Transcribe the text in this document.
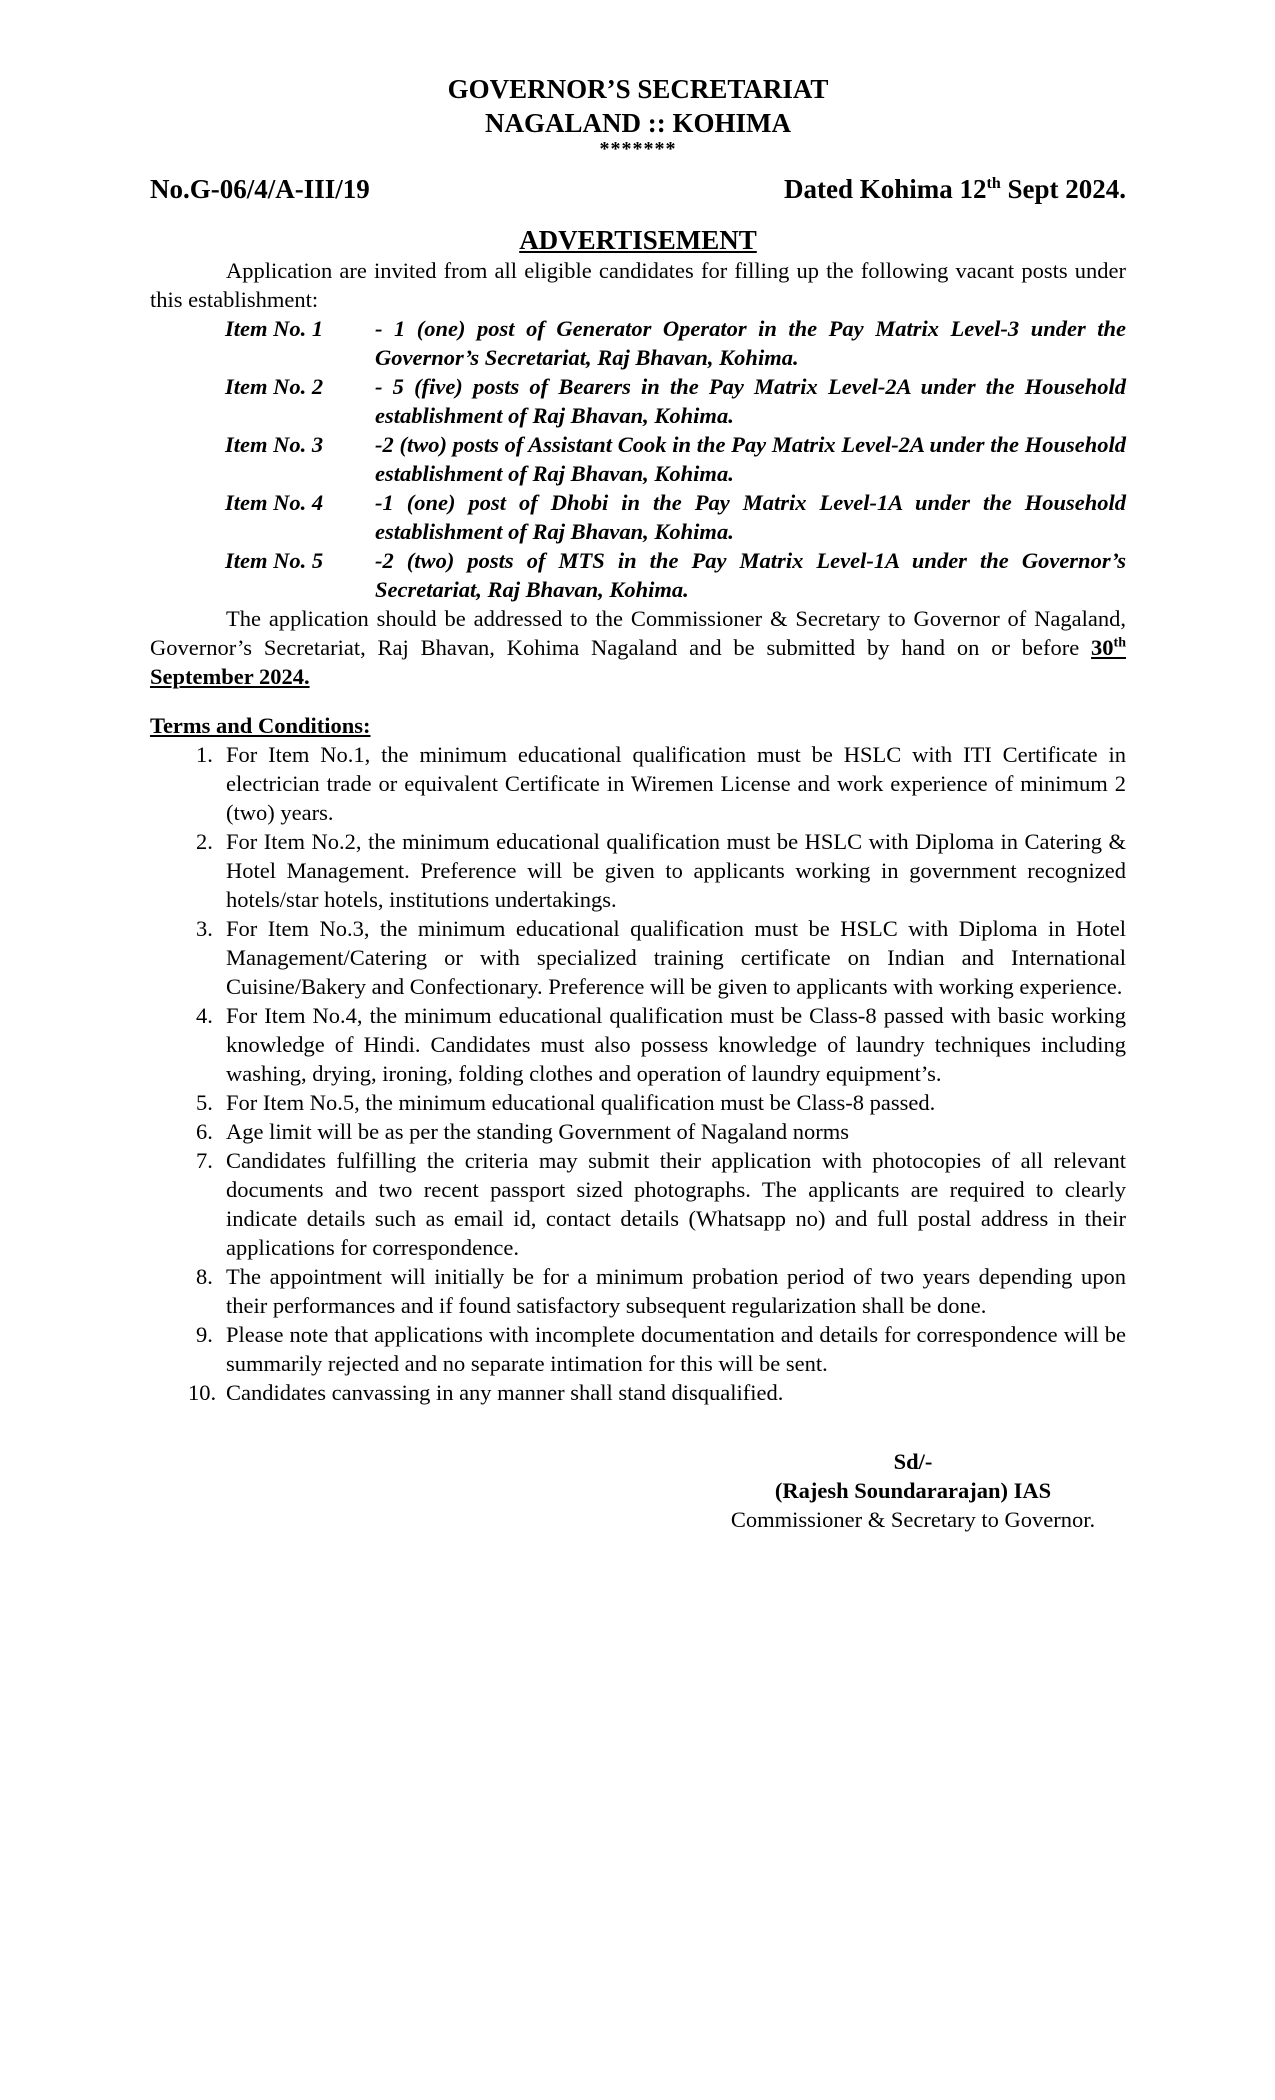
GOVERNOR’S SECRETARIAT
NAGALAND :: KOHIMA
*******
No.G-06/4/A-III/19	Dated Kohima 12th Sept 2024.
ADVERTISEMENT

Application are invited from all eligible candidates for filling up the following vacant posts under this establishment:

Item No. 1	- 1 (one) post of Generator Operator in the Pay Matrix Level-3 under the Governor’s Secretariat, Raj Bhavan, Kohima.
Item No. 2	- 5 (five) posts of Bearers in the Pay Matrix Level-2A under the Household establishment of Raj Bhavan, Kohima.
Item No. 3	-2 (two) posts of Assistant Cook in the Pay Matrix Level-2A under the Household establishment of Raj Bhavan, Kohima.
Item No. 4	-1 (one) post of Dhobi in the Pay Matrix Level-1A under the Household establishment of Raj Bhavan, Kohima.
Item No. 5	-2 (two) posts of MTS in the Pay Matrix Level-1A under the Governor’s Secretariat, Raj Bhavan, Kohima.

The application should be addressed to the Commissioner & Secretary to Governor of Nagaland, Governor’s Secretariat, Raj Bhavan, Kohima Nagaland and be submitted by hand on or before 30th September 2024.

Terms and Conditions:
1. For Item No.1, the minimum educational qualification must be HSLC with ITI Certificate in electrician trade or equivalent Certificate in Wiremen License and work experience of minimum 2 (two) years.
2. For Item No.2, the minimum educational qualification must be HSLC with Diploma in Catering & Hotel Management. Preference will be given to applicants working in government recognized hotels/star hotels, institutions undertakings.
3. For Item No.3, the minimum educational qualification must be HSLC with Diploma in Hotel Management/Catering or with specialized training certificate on Indian and International Cuisine/Bakery and Confectionary. Preference will be given to applicants with working experience.
4. For Item No.4, the minimum educational qualification must be Class-8 passed with basic working knowledge of Hindi. Candidates must also possess knowledge of laundry techniques including washing, drying, ironing, folding clothes and operation of laundry equipment’s.
5. For Item No.5, the minimum educational qualification must be Class-8 passed.
6. Age limit will be as per the standing Government of Nagaland norms
7. Candidates fulfilling the criteria may submit their application with photocopies of all relevant documents and two recent passport sized photographs. The applicants are required to clearly indicate details such as email id, contact details (Whatsapp no) and full postal address in their applications for correspondence.
8. The appointment will initially be for a minimum probation period of two years depending upon their performances and if found satisfactory subsequent regularization shall be done.
9. Please note that applications with incomplete documentation and details for correspondence will be summarily rejected and no separate intimation for this will be sent.
10. Candidates canvassing in any manner shall stand disqualified.
Sd/-
(Rajesh Soundararajan) IAS
Commissioner & Secretary to Governor.
